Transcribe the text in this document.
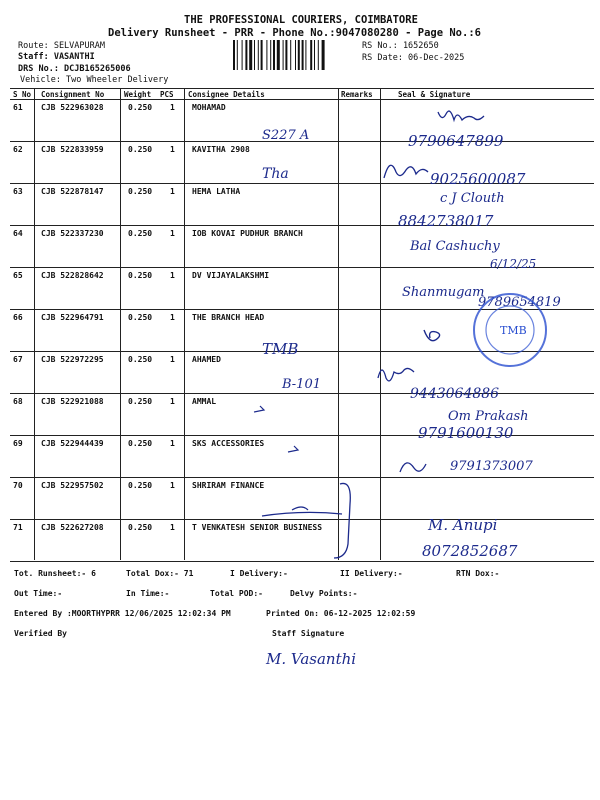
THE PROFESSIONAL COURIERS, COIMBATORE
Delivery Runsheet - PRR - Phone No.:9047080280 - Page No.:6
Route: SELVAPURAM
Staff: VASANTHI
DRS No.: DCJB165265006
Vehicle: Two Wheeler Delivery
RS No.: 1652650
RS Date: 06-Dec-2025
S No Consignment No	Weight PCS Consignee Details	Remarks	Seal & Signature
61 CJB 522963028	0.250 1 MOHAMAD
62 CJB 522833959	0.250 1 KAVITHA 2908
63 CJB 522878147	0.250 1 HEMA LATHA
64 CJB 522337230	0.250 1 IOB KOVAI PUDHUR BRANCH
65 CJB 522828642	0.250 1 DV VIJAYALAKSHMI
66 CJB 522964791	0.250 1 THE BRANCH HEAD
67 CJB 522972295	0.250 1 AHAMED
68 CJB 522921088	0.250 1 AMMAL
69 CJB 522944439	0.250 1 SKS ACCESSORIES
70 CJB 522957502	0.250 1 SHRIRAM FINANCE
71 CJB 522627208	0.250 1 T VENKATESH SENIOR BUSINESS
Tot. Runsheet:- 6	Total Dox:- 71	I Delivery:-	II Delivery:-	RTN Dox:-
Out Time:-	In Time:-	Total POD:-	Delvy Points:-
Entered By :MOORTHYPRR 12/06/2025 12:02:34 PM	Printed On: 06-12-2025 12:02:59
Verified By	Staff Signature
9790647899
S227 A
Tha	9025600087
c J Clouth
8842738017
Bal Cashuchy
6/12/25
Shanmugam
9789654819
TMB
TMB
B-101
9443064886
Om Prakash
9791600130
9791373007
M. Anupi
8072852687
M. Vasanthi
